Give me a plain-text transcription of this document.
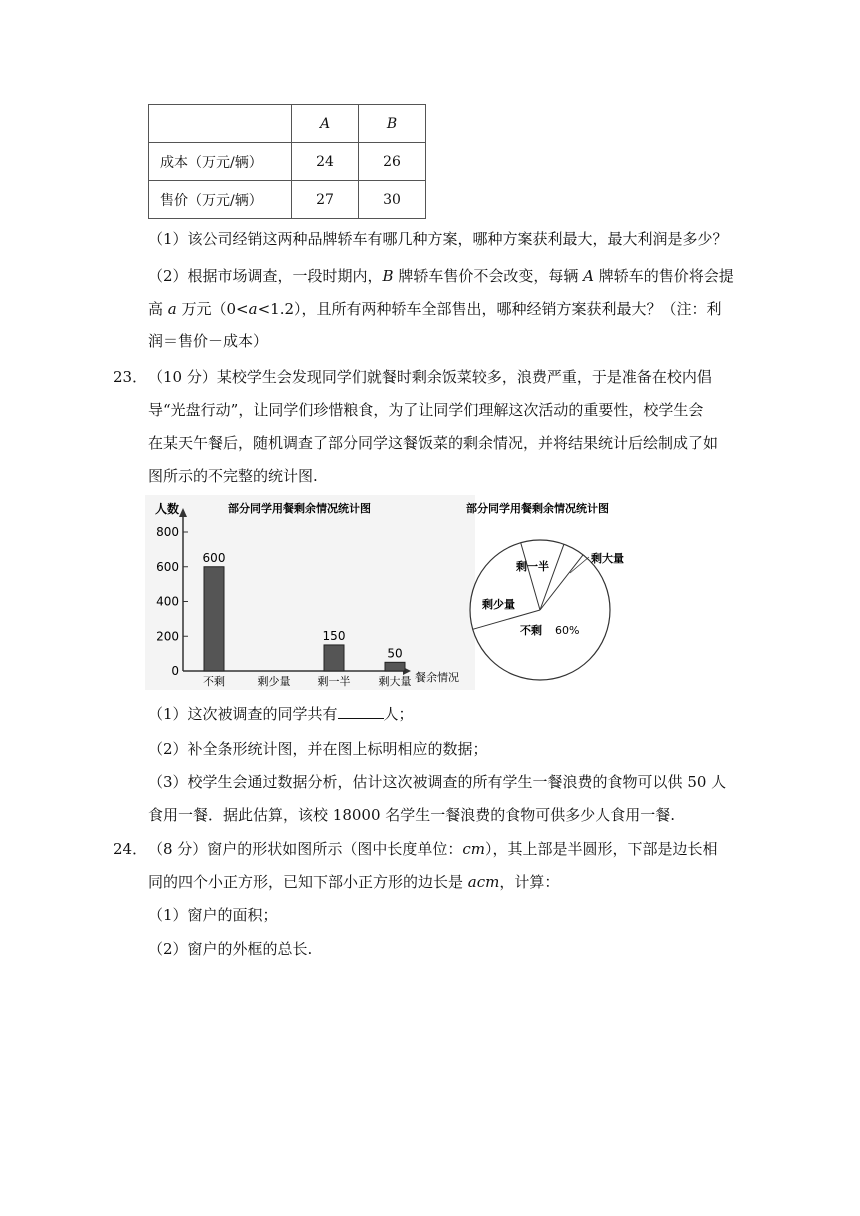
	A	B
成本（万元/辆）	24	26
售价（万元/辆）	27	30
（1）该公司经销这两种品牌轿车有哪几种方案，哪种方案获利最大，最大利润是多少？
（2）根据市场调查，一段时期内，B 牌轿车售价不会改变，每辆 A 牌轿车的售价将会提
高 a 万元（0<a<1.2），且所有两种轿车全部售出，哪种经销方案获利最大？（注：利
润＝售价－成本）
23． （10 分）某校学生会发现同学们就餐时剩余饭菜较多，浪费严重，于是准备在校内倡
导“光盘行动”，让同学们珍惜粮食，为了让同学们理解这次活动的重要性，校学生会
在某天午餐后，随机调查了部分同学这餐饭菜的剩余情况，并将结果统计后绘制成了如
图所示的不完整的统计图.
部分同学用餐剩余情况统计图
人数
餐余情况
0
200
400
600
800
600
不剩	剩少量
150
剩一半
50
剩大量
部分同学用餐剩余情况统计图
不剩 60%
剩少量
剩一半
剩大量
（1）这次被调查的同学共有	人；
（2）补全条形统计图，并在图上标明相应的数据；
（3）校学生会通过数据分析，估计这次被调查的所有学生一餐浪费的食物可以供 50 人
食用一餐．据此估算，该校 18000 名学生一餐浪费的食物可供多少人食用一餐.
24． （8 分）窗户的形状如图所示（图中长度单位：cm），其上部是半圆形，下部是边长相
同的四个小正方形，已知下部小正方形的边长是 acm，计算：
（1）窗户的面积；
（2）窗户的外框的总长.
